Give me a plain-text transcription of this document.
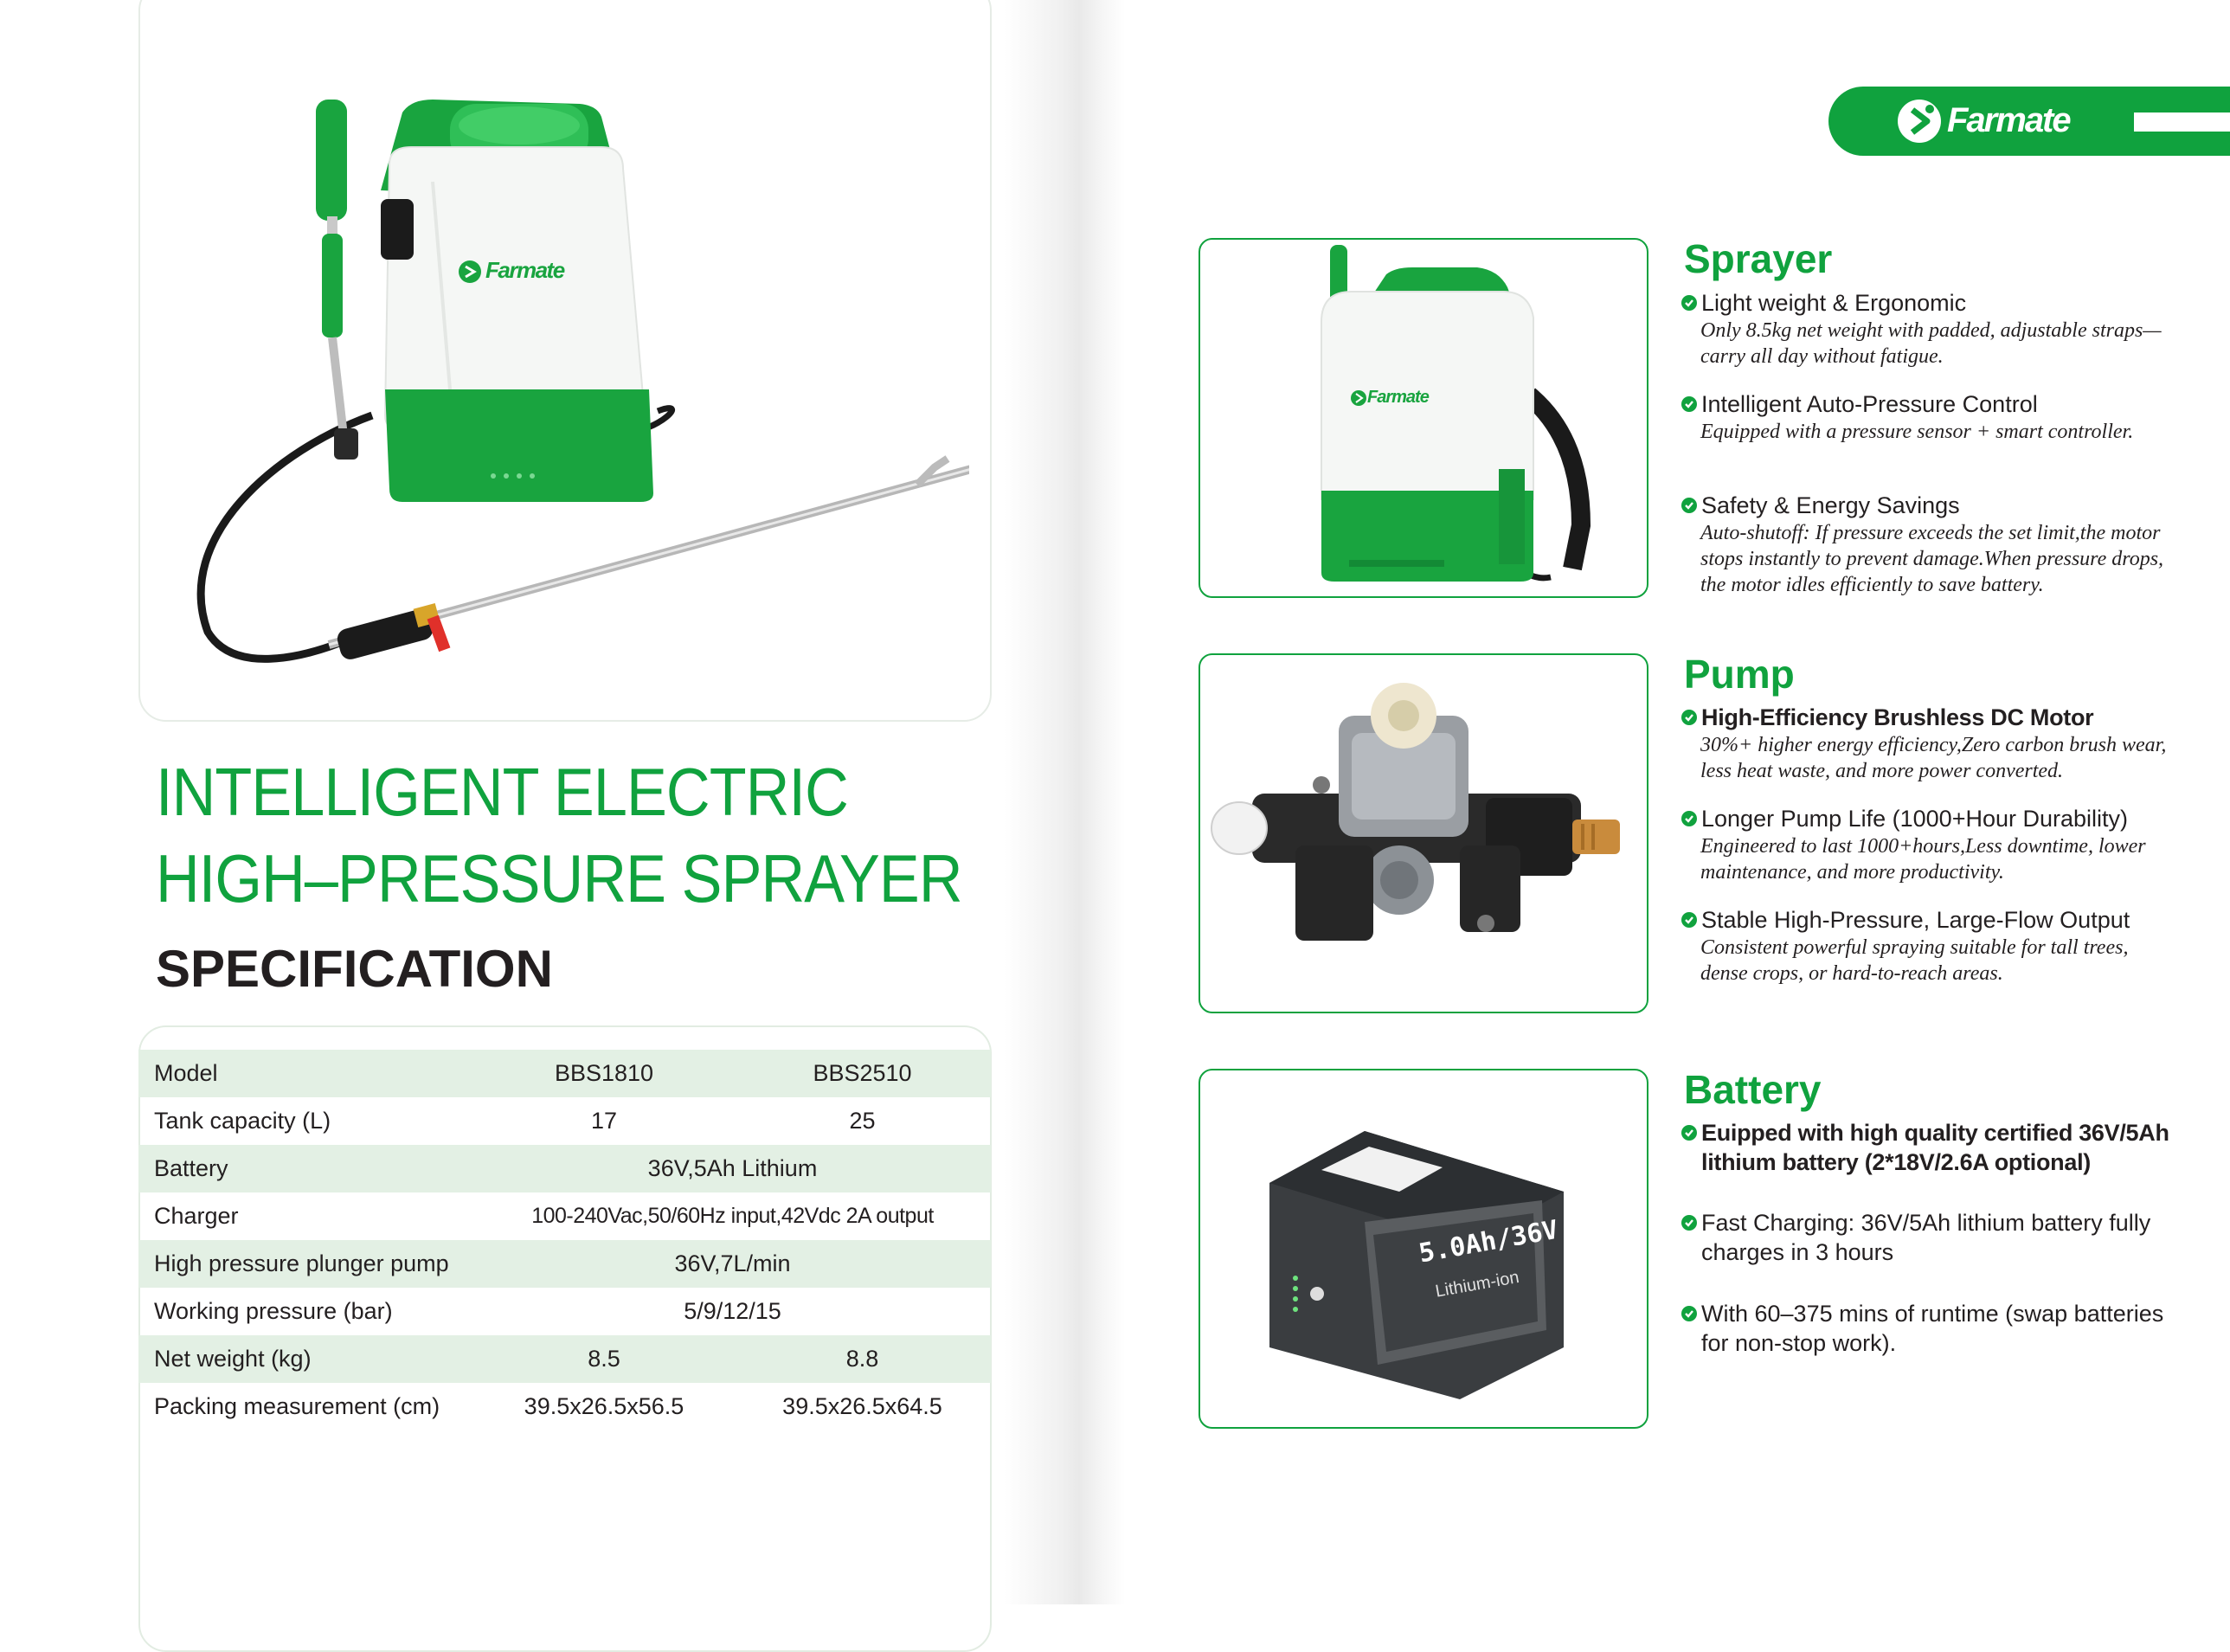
Farmate
INTELLIGENT ELECTRIC
HIGH–PRESSURE SPRAYER
SPECIFICATION
Model	BBS1810	BBS2510
Tank capacity (L)	17	25
Battery	36V,5Ah Lithium	
Charger	100-240Vac,50/60Hz input,42Vdc 2A output	
High pressure plunger pump	36V,7L/min	
Working pressure (bar)	5/9/12/15	
Net weight (kg)	8.5	8.8
Packing measurement (cm)	39.5x26.5x56.5	39.5x26.5x64.5
Farmate
Farmate
Sprayer
Light weight & Ergonomic
Only 8.5kg net weight with padded, adjustable straps—
carry all day without fatigue.
Intelligent Auto-Pressure Control
Equipped with a pressure sensor + smart controller.
Safety & Energy Savings
Auto-shutoff: If pressure exceeds the set limit,the motor
stops instantly to prevent damage.When pressure drops,
the motor idles efficiently to save battery.
Pump
High-Efficiency Brushless DC Motor
30%+ higher energy efficiency,Zero carbon brush wear,
less heat waste, and more power converted.
Longer Pump Life (1000+Hour Durability)
Engineered to last 1000+hours,Less downtime, lower
maintenance, and more productivity.
Stable High-Pressure, Large-Flow Output
Consistent powerful spraying suitable for tall trees,
dense crops, or hard-to-reach areas.
5.0Ah/36V
Lithium-ion
Battery
Euipped with high quality certified 36V/5Ah
lithium battery (2*18V/2.6A optional)
Fast Charging: 36V/5Ah lithium battery fully
charges in 3 hours
With 60–375 mins of runtime (swap batteries
for non-stop work).
